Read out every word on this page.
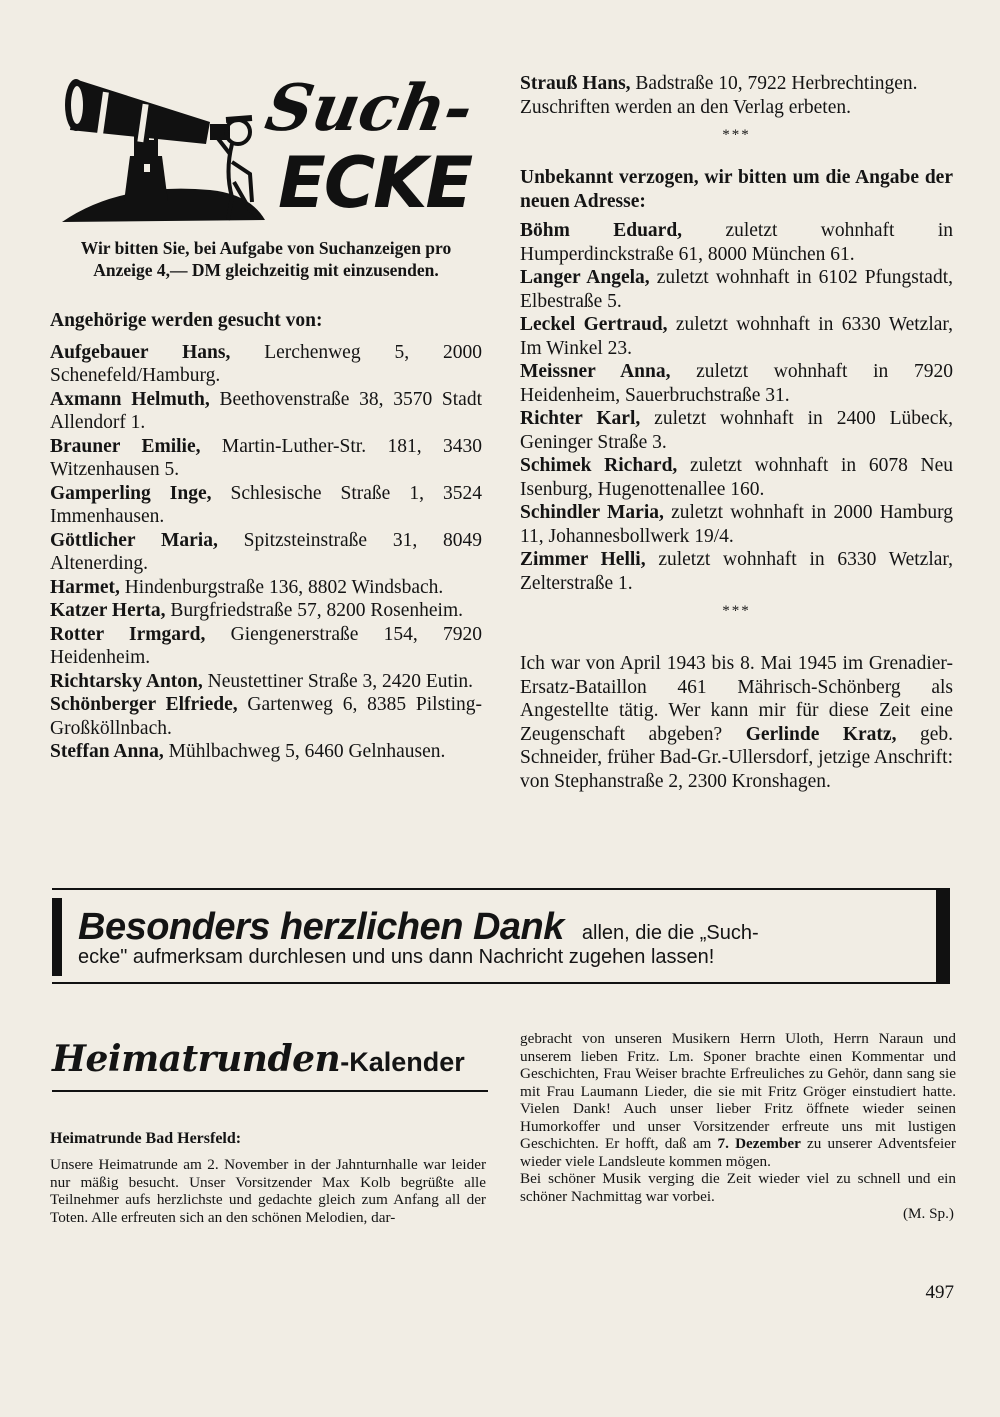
Such-
ECKE

Wir bitten Sie, bei Aufgabe von Suchanzeigen pro Anzeige 4,— DM gleichzeitig mit einzusenden.

Angehörige werden gesucht von:

Aufgebauer Hans, Lerchenweg 5, 2000 Schenefeld/Hamburg.

Axmann Helmuth, Beethovenstraße 38, 3570 Stadt Allendorf 1.

Brauner Emilie, Martin-Luther-Str. 181, 3430 Witzenhausen 5.

Gamperling Inge, Schlesische Straße 1, 3524 Immenhausen.

Göttlicher Maria, Spitzsteinstraße 31, 8049 Altenerding.

Harmet, Hindenburgstraße 136, 8802 Windsbach.

Katzer Herta, Burgfriedstraße 57, 8200 Rosenheim.

Rotter Irmgard, Giengenerstraße 154, 7920 Heidenheim.

Richtarsky Anton, Neustettiner Straße 3, 2420 Eutin.

Schönberger Elfriede, Gartenweg 6, 8385 Pilsting-Großköllnbach.

Steffan Anna, Mühlbachweg 5, 6460 Gelnhausen.

Strauß Hans, Badstraße 10, 7922 Herbrechtingen.

Zuschriften werden an den Verlag erbeten.

***

Unbekannt verzogen, wir bitten um die Angabe der neuen Adresse:

Böhm Eduard, zuletzt wohnhaft in Humperdinckstraße 61, 8000 München 61.

Langer Angela, zuletzt wohnhaft in 6102 Pfungstadt, Elbestraße 5.

Leckel Gertraud, zuletzt wohnhaft in 6330 Wetzlar, Im Winkel 23.

Meissner Anna, zuletzt wohnhaft in 7920 Heidenheim, Sauerbruchstraße 31.

Richter Karl, zuletzt wohnhaft in 2400 Lübeck, Geninger Straße 3.

Schimek Richard, zuletzt wohnhaft in 6078 Neu Isenburg, Hugenottenallee 160.

Schindler Maria, zuletzt wohnhaft in 2000 Hamburg 11, Johannesbollwerk 19/4.

Zimmer Helli, zuletzt wohnhaft in 6330 Wetzlar, Zelterstraße 1.

***

Ich war von April 1943 bis 8. Mai 1945 im Grenadier-Ersatz-Bataillon 461 Mährisch-Schönberg als Angestellte tätig. Wer kann mir für diese Zeit eine Zeugenschaft abgeben? Gerlinde Kratz, geb. Schneider, früher Bad-Gr.-Ullersdorf, jetzige Anschrift: von Stephanstraße 2, 2300 Kronshagen.

Besonders herzlichen Dank allen, die die „Such-
ecke" aufmerksam durchlesen und uns dann Nachricht zugehen lassen!
Heimatrunden-Kalender

Heimatrunde Bad Hersfeld:

Unsere Heimatrunde am 2. November in der Jahnturnhalle war leider nur mäßig besucht. Unser Vorsitzender Max Kolb begrüßte alle Teilnehmer aufs herzlichste und gedachte gleich zum Anfang all der Toten. Alle erfreuten sich an den schönen Melodien, dar-

gebracht von unseren Musikern Herrn Uloth, Herrn Naraun und unserem lieben Fritz. Lm. Sponer brachte einen Kommentar und Geschichten, Frau Weiser brachte Erfreuliches zu Gehör, dann sang sie mit Frau Laumann Lieder, die sie mit Fritz Gröger einstudiert hatte. Vielen Dank! Auch unser lieber Fritz öffnete wieder seinen Humorkoffer und unser Vorsitzender erfreute uns mit lustigen Geschichten. Er hofft, daß am 7. Dezember zu unserer Adventsfeier wieder viele Landsleute kommen mögen.

Bei schöner Musik verging die Zeit wieder viel zu schnell und ein schöner Nachmittag war vorbei.

(M. Sp.)

497
